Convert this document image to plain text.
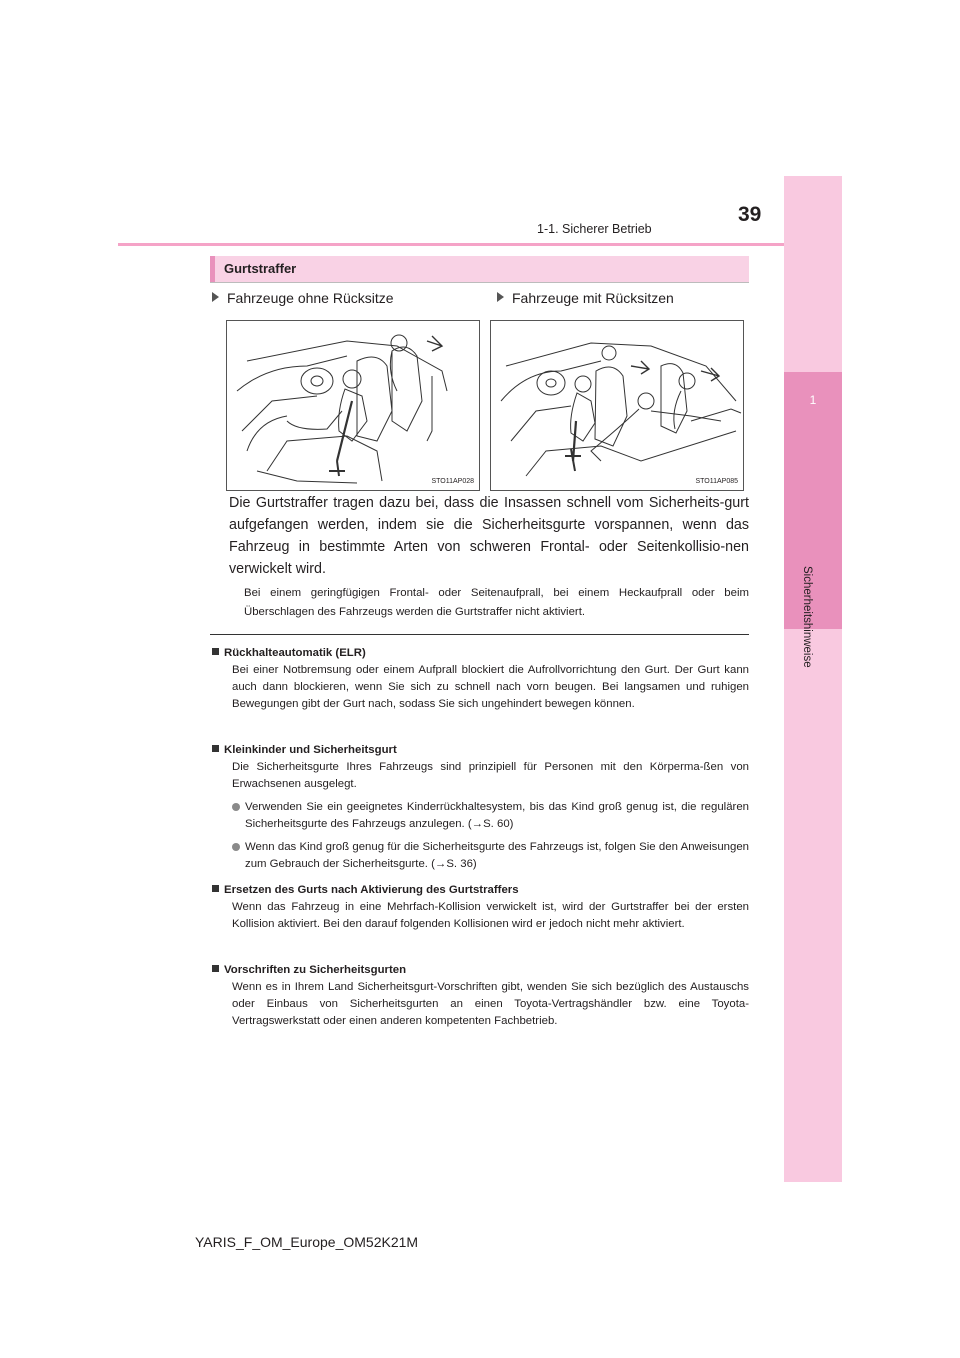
1-1. Sicherer Betrieb
39
1
Sicherheitshinweise
Gurtstraffer
Fahrzeuge ohne Rücksitze	Fahrzeuge mit Rücksitzen
STO11AP028	STO11AP085
Die Gurtstraffer tragen dazu bei, dass die Insassen schnell vom Sicherheits-gurt aufgefangen werden, indem sie die Sicherheitsgurte vorspannen, wenn das Fahrzeug in bestimmte Arten von schweren Frontal- oder Seitenkollisio-nen verwickelt wird.
Bei einem geringfügigen Frontal- oder Seitenaufprall, bei einem Heckaufprall oder beim Überschlagen des Fahrzeugs werden die Gurtstraffer nicht aktiviert.
Rückhalteautomatik (ELR)
Bei einer Notbremsung oder einem Aufprall blockiert die Aufrollvorrichtung den Gurt. Der Gurt kann auch dann blockieren, wenn Sie sich zu schnell nach vorn beugen. Bei langsamen und ruhigen Bewegungen gibt der Gurt nach, sodass Sie sich ungehindert bewegen können.
Kleinkinder und Sicherheitsgurt
Die Sicherheitsgurte Ihres Fahrzeugs sind prinzipiell für Personen mit den Körperma-ßen von Erwachsenen ausgelegt.
Verwenden Sie ein geeignetes Kinderrückhaltesystem, bis das Kind groß genug ist, die regulären Sicherheitsgurte des Fahrzeugs anzulegen. (→S. 60)
Wenn das Kind groß genug für die Sicherheitsgurte des Fahrzeugs ist, folgen Sie den Anweisungen zum Gebrauch der Sicherheitsgurte. (→S. 36)
Ersetzen des Gurts nach Aktivierung des Gurtstraffers
Wenn das Fahrzeug in eine Mehrfach-Kollision verwickelt ist, wird der Gurtstraffer bei der ersten Kollision aktiviert. Bei den darauf folgenden Kollisionen wird er jedoch nicht mehr aktiviert.
Vorschriften zu Sicherheitsgurten
Wenn es in Ihrem Land Sicherheitsgurt-Vorschriften gibt, wenden Sie sich bezüglich des Austauschs oder Einbaus von Sicherheitsgurten an einen Toyota-Vertragshändler bzw. eine Toyota-Vertragswerkstatt oder einen anderen kompetenten Fachbetrieb.
YARIS_F_OM_Europe_OM52K21M
